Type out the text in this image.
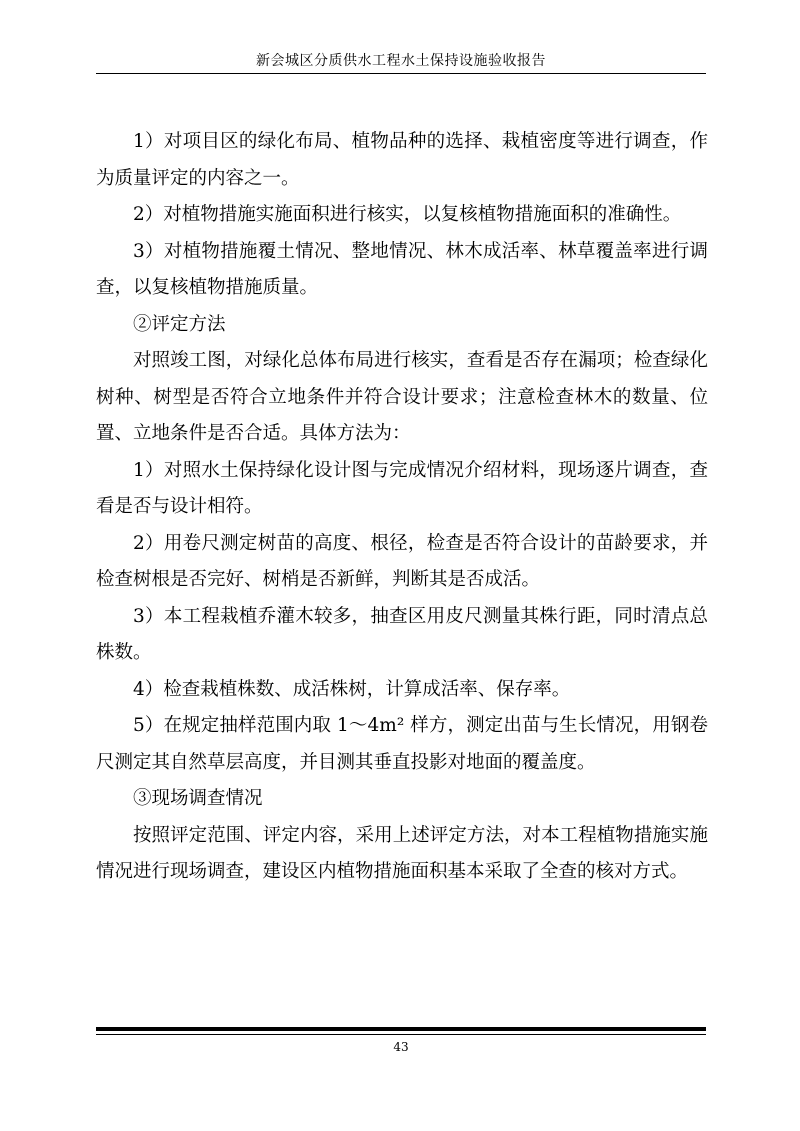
新会城区分质供水工程水土保持设施验收报告

1）对项目区的绿化布局、植物品种的选择、栽植密度等进行调查，作为质量评定的内容之一。

2）对植物措施实施面积进行核实，以复核植物措施面积的准确性。

3）对植物措施覆土情况、整地情况、林木成活率、林草覆盖率进行调查，以复核植物措施质量。

②评定方法

对照竣工图，对绿化总体布局进行核实，查看是否存在漏项；检查绿化树种、树型是否符合立地条件并符合设计要求；注意检查林木的数量、位置、立地条件是否合适。具体方法为：

1）对照水土保持绿化设计图与完成情况介绍材料，现场逐片调查，查看是否与设计相符。

2）用卷尺测定树苗的高度、根径，检查是否符合设计的苗龄要求，并检查树根是否完好、树梢是否新鲜，判断其是否成活。

3）本工程栽植乔灌木较多，抽查区用皮尺测量其株行距，同时清点总株数。

4）检查栽植株数、成活株树，计算成活率、保存率。

5）在规定抽样范围内取 1～4m² 样方，测定出苗与生长情况，用钢卷尺测定其自然草层高度，并目测其垂直投影对地面的覆盖度。

③现场调查情况

按照评定范围、评定内容，采用上述评定方法，对本工程植物措施实施情况进行现场调查，建设区内植物措施面积基本采取了全查的核对方式。

43
